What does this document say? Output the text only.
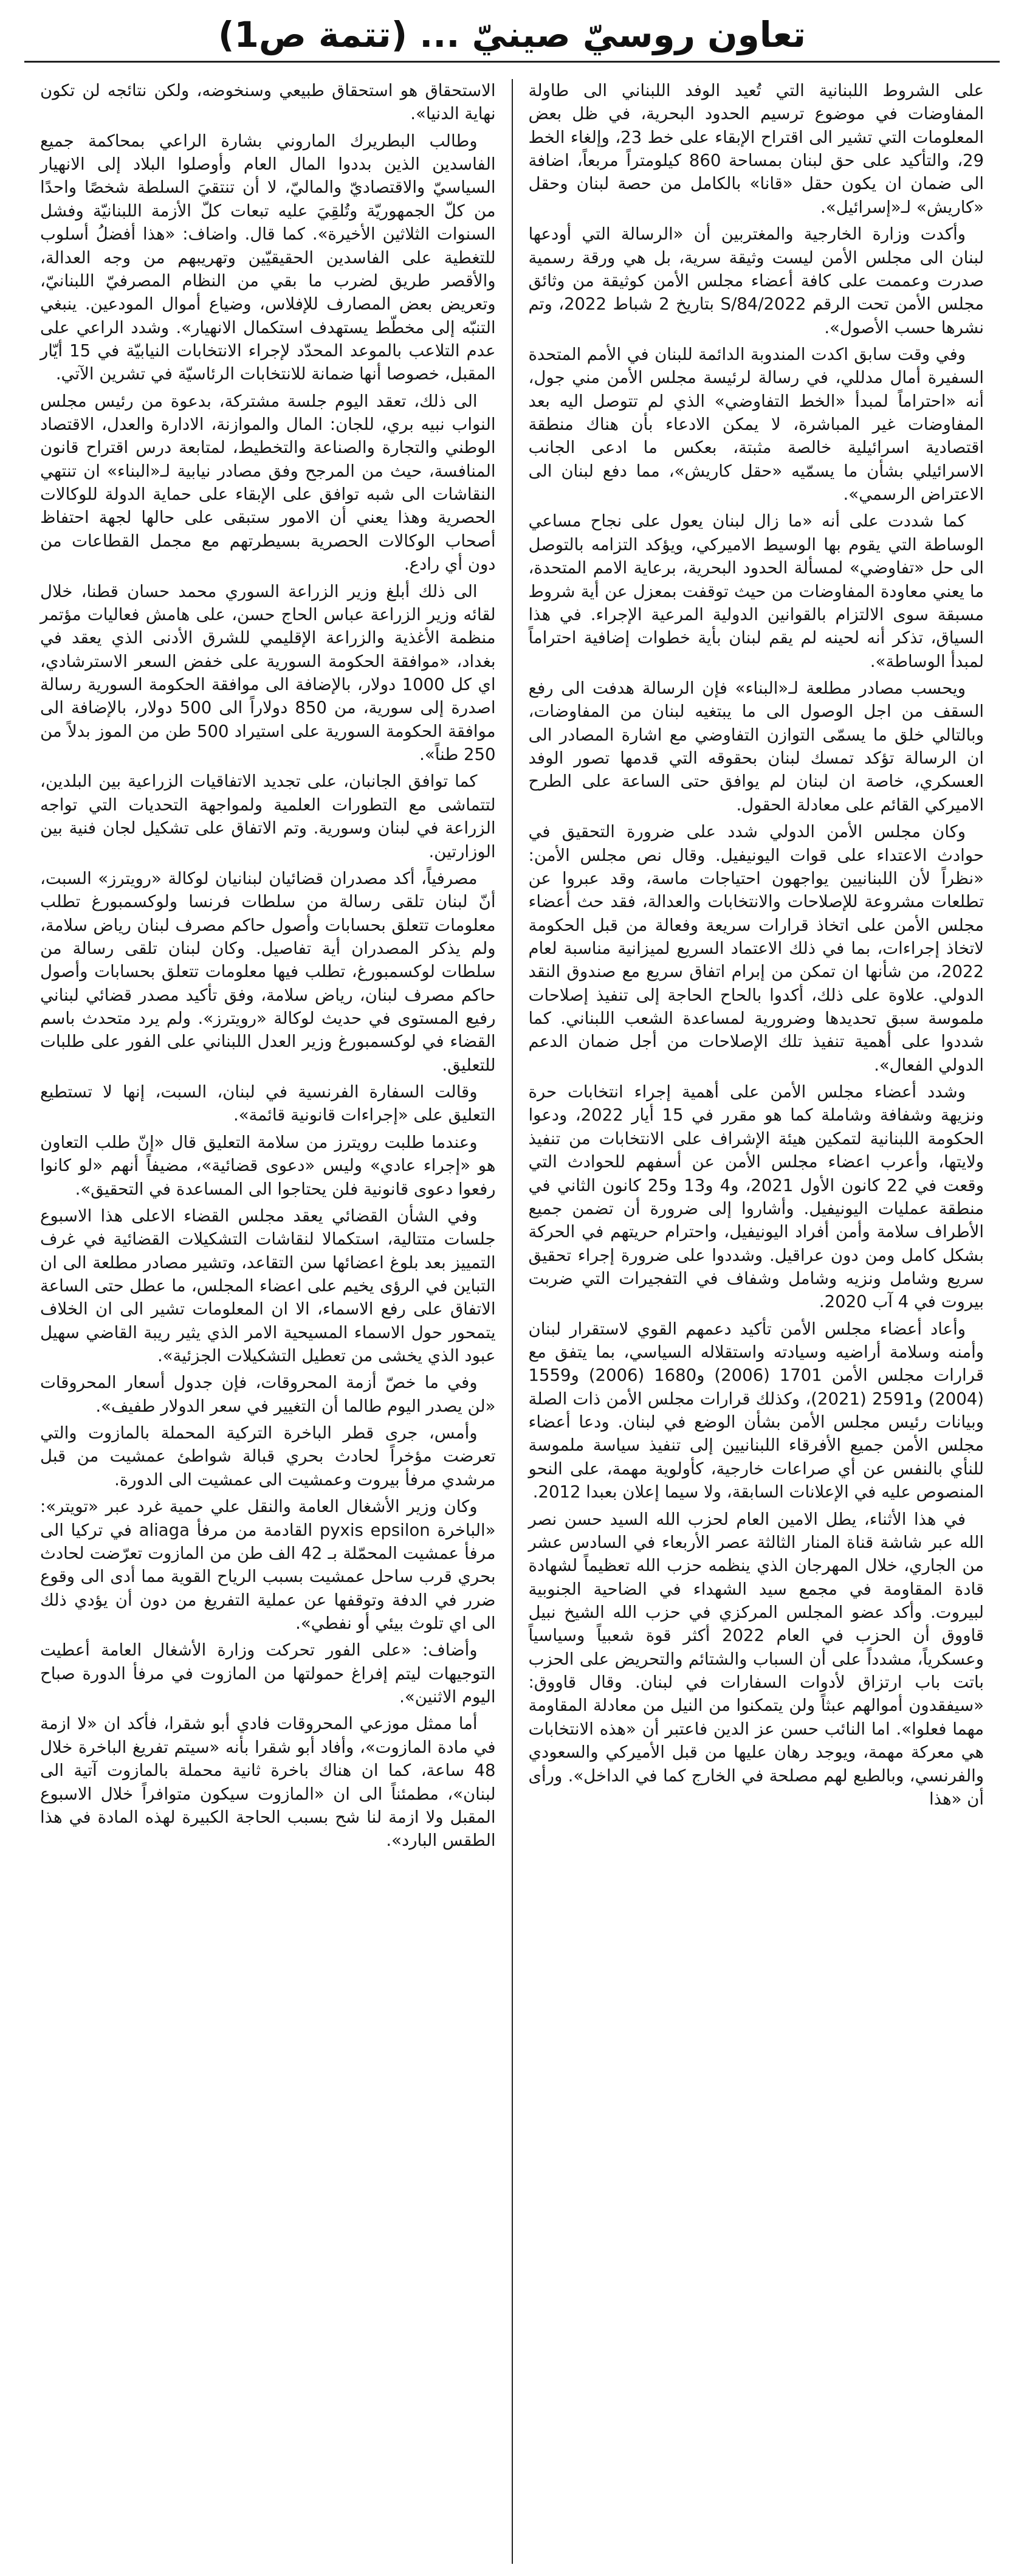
تعاون روسيّ صينيّ ... (تتمة ص1)

على الشروط اللبنانية التي تُعيد الوفد اللبناني الى طاولة المفاوضات في موضوع ترسيم الحدود البحرية، في ظل بعض المعلومات التي تشير الى اقتراح الإبقاء على خط 23، وإلغاء الخط 29، والتأكيد على حق لبنان بمساحة 860 كيلومتراً مربعاً، اضافة الى ضمان ان يكون حقل «قانا» بالكامل من حصة لبنان وحقل «كاريش» لـ«إسرائيل».

وأكدت وزارة الخارجية والمغتربين أن «الرسالة التي أودعها لبنان الى مجلس الأمن ليست وثيقة سرية، بل هي ورقة رسمية صدرت وعممت على كافة أعضاء مجلس الأمن كوثيقة من وثائق مجلس الأمن تحت الرقم 2022/S/84 بتاريخ 2 شباط 2022، وتم نشرها حسب الأصول».

وفي وقت سابق اكدت المندوبة الدائمة للبنان في الأمم المتحدة السفيرة أمال مدللي، في رسالة لرئيسة مجلس الأمن مني جول، أنه «احتراماً لمبدأ «الخط التفاوضي» الذي لم تتوصل اليه بعد المفاوضات غير المباشرة، لا يمكن الادعاء بأن هناك منطقة اقتصادية اسرائيلية خالصة مثبتة، بعكس ما ادعى الجانب الاسرائيلي بشأن ما يسمّيه «حقل كاريش»، مما دفع لبنان الى الاعتراض الرسمي».

كما شددت على أنه «ما زال لبنان يعول على نجاح مساعي الوساطة التي يقوم بها الوسيط الاميركي، ويؤكد التزامه بالتوصل الى حل «تفاوضي» لمسألة الحدود البحرية، برعاية الامم المتحدة، ما يعني معاودة المفاوضات من حيث توقفت بمعزل عن أية شروط مسبقة سوى الالتزام بالقوانين الدولية المرعية الإجراء. في هذا السياق، تذكر أنه لحينه لم يقم لبنان بأية خطوات إضافية احتراماً لمبدأ الوساطة».

ويحسب مصادر مطلعة لـ«البناء» فإن الرسالة هدفت الى رفع السقف من اجل الوصول الى ما يبتغيه لبنان من المفاوضات، وبالتالي خلق ما يسمّى التوازن التفاوضي مع اشارة المصادر الى ان الرسالة تؤكد تمسك لبنان بحقوقه التي قدمها تصور الوفد العسكري، خاصة ان لبنان لم يوافق حتى الساعة على الطرح الاميركي القائم على معادلة الحقول.

وكان مجلس الأمن الدولي شدد على ضرورة التحقيق في حوادث الاعتداء على قوات اليونيفيل. وقال نص مجلس الأمن: «نظراً لأن اللبنانيين يواجهون احتياجات ماسة، وقد عبروا عن تطلعات مشروعة للإصلاحات والانتخابات والعدالة، فقد حث أعضاء مجلس الأمن على اتخاذ قرارات سريعة وفعالة من قبل الحكومة لاتخاذ إجراءات، بما في ذلك الاعتماد السريع لميزانية مناسبة لعام 2022، من شأنها ان تمكن من إبرام اتفاق سريع مع صندوق النقد الدولي. علاوة على ذلك، أكدوا بالحاح الحاجة إلى تنفيذ إصلاحات ملموسة سبق تحديدها وضرورية لمساعدة الشعب اللبناني. كما شددوا على أهمية تنفيذ تلك الإصلاحات من أجل ضمان الدعم الدولي الفعال».

وشدد أعضاء مجلس الأمن على أهمية إجراء انتخابات حرة ونزيهة وشفافة وشاملة كما هو مقرر في 15 أيار 2022، ودعوا الحكومة اللبنانية لتمكين هيئة الإشراف على الانتخابات من تنفيذ ولايتها، وأعرب اعضاء مجلس الأمن عن أسفهم للحوادث التي وقعت في 22 كانون الأول 2021، و4 و13 و25 كانون الثاني في منطقة عمليات اليونيفيل. وأشاروا إلى ضرورة أن تضمن جميع الأطراف سلامة وأمن أفراد اليونيفيل، واحترام حريتهم في الحركة بشكل كامل ومن دون عراقيل. وشددوا على ضرورة إجراء تحقيق سريع وشامل ونزيه وشامل وشفاف في التفجيرات التي ضربت بيروت في 4 آب 2020.

وأعاد أعضاء مجلس الأمن تأكيد دعمهم القوي لاستقرار لبنان وأمنه وسلامة أراضيه وسيادته واستقلاله السياسي، بما يتفق مع قرارات مجلس الأمن 1701 (2006) و1680 (2006) و1559 (2004) و2591 (2021)، وكذلك قرارات مجلس الأمن ذات الصلة وبيانات رئيس مجلس الأمن بشأن الوضع في لبنان. ودعا أعضاء مجلس الأمن جميع الأفرقاء اللبنانيين إلى تنفيذ سياسة ملموسة للنأي بالنفس عن أي صراعات خارجية، كأولوية مهمة، على النحو المنصوص عليه في الإعلانات السابقة، ولا سيما إعلان بعبدا 2012.

في هذا الأثناء، يطل الامين العام لحزب الله السيد حسن نصر الله عبر شاشة قناة المنار الثالثة عصر الأربعاء في السادس عشر من الجاري، خلال المهرجان الذي ينظمه حزب الله تعظيماً لشهادة قادة المقاومة في مجمع سيد الشهداء في الضاحية الجنوبية لبيروت. وأكد عضو المجلس المركزي في حزب الله الشيخ نبيل قاووق أن الحزب في العام 2022 أكثر قوة شعبياً وسياسياً وعسكرياً، مشدداً على أن السباب والشتائم والتحريض على الحزب باتت باب ارتزاق لأدوات السفارات في لبنان. وقال قاووق: «سيفقدون أموالهم عبثاً ولن يتمكنوا من النيل من معادلة المقاومة مهما فعلوا». اما النائب حسن عز الدين فاعتبر أن «هذه الانتخابات هي معركة مهمة، ويوجد رهان عليها من قبل الأميركي والسعودي والفرنسي، وبالطبع لهم مصلحة في الخارج كما في الداخل». ورأى أن «هذا

الاستحقاق هو استحقاق طبيعي وسنخوضه، ولكن نتائجه لن تكون نهاية الدنيا».

وطالب البطريرك الماروني بشارة الراعي بمحاكمة جميع الفاسدين الذين بددوا المال العام وأوصلوا البلاد إلى الانهيار السياسيّ والاقتصاديّ والماليّ، لا أن تنتقيَ السلطة شخصًا واحدًا من كلّ الجمهوريّة وتُلقِيَ عليه تبعات كلّ الأزمة اللبنانيّة وفشل السنوات الثلاثين الأخيرة». كما قال. واضاف: «هذا أفضلُ أسلوب للتغطية على الفاسدين الحقيقيّين وتهريبهم من وجه العدالة، والأقصر طريق لضرب ما بقي من النظام المصرفيّ اللبنانيّ، وتعريض بعض المصارف للإفلاس، وضياع أموال المودعين. ينبغي التنبّه إلى مخطّط يستهدف استكمال الانهيار». وشدد الراعي على عدم التلاعب بالموعد المحدّد لإجراء الانتخابات النيابيّة في 15 أيّار المقبل، خصوصا أنها ضمانة للانتخابات الرئاسيّة في تشرين الآتي.

الى ذلك، تعقد اليوم جلسة مشتركة، بدعوة من رئيس مجلس النواب نبيه بري، للجان: المال والموازنة، الادارة والعدل، الاقتصاد الوطني والتجارة والصناعة والتخطيط، لمتابعة درس اقتراح قانون المنافسة، حيث من المرجح وفق مصادر نيابية لـ«البناء» ان تنتهي النقاشات الى شبه توافق على الإبقاء على حماية الدولة للوكالات الحصرية وهذا يعني أن الامور ستبقى على حالها لجهة احتفاظ أصحاب الوكالات الحصرية بسيطرتهم مع مجمل القطاعات من دون أي رادع.

الى ذلك أبلغ وزير الزراعة السوري محمد حسان قطنا، خلال لقائه وزير الزراعة عباس الحاج حسن، على هامش فعاليات مؤتمر منظمة الأغذية والزراعة الإقليمي للشرق الأدنى الذي يعقد في بغداد، «موافقة الحكومة السورية على خفض السعر الاسترشادي، اي كل 1000 دولار، بالإضافة الى موافقة الحكومة السورية رسالة اصدرة إلى سورية، من 850 دولاراً الى 500 دولار، بالإضافة الى موافقة الحكومة السورية على استيراد 500 طن من الموز بدلاً من 250 طناً».

كما توافق الجانبان، على تجديد الاتفاقيات الزراعية بين البلدين، لتتماشى مع التطورات العلمية ولمواجهة التحديات التي تواجه الزراعة في لبنان وسورية. وتم الاتفاق على تشكيل لجان فنية بين الوزارتين.

مصرفياً، أكد مصدران قضائيان لبنانيان لوكالة «رويترز» السبت، أنّ لبنان تلقى رسالة من سلطات فرنسا ولوكسمبورغ تطلب معلومات تتعلق بحسابات وأصول حاكم مصرف لبنان رياض سلامة، ولم يذكر المصدران أية تفاصيل. وكان لبنان تلقى رسالة من سلطات لوكسمبورغ، تطلب فيها معلومات تتعلق بحسابات وأصول حاكم مصرف لبنان، رياض سلامة، وفق تأكيد مصدر قضائي لبناني رفيع المستوى في حديث لوكالة «رويترز». ولم يرد متحدث باسم القضاء في لوكسمبورغ وزير العدل اللبناني على الفور على طلبات للتعليق.

وقالت السفارة الفرنسية في لبنان، السبت، إنها لا تستطيع التعليق على «إجراءات قانونية قائمة».

وعندما طلبت رويترز من سلامة التعليق قال «إنّ طلب التعاون هو «إجراء عادي» وليس «دعوى قضائية»، مضيفاً أنهم «لو كانوا رفعوا دعوى قانونية فلن يحتاجوا الى المساعدة في التحقيق».

وفي الشأن القضائي يعقد مجلس القضاء الاعلى هذا الاسبوع جلسات متتالية، استكمالا لنقاشات التشكيلات القضائية في غرف التمييز بعد بلوغ اعضائها سن التقاعد، وتشير مصادر مطلعة الى ان التباين في الرؤى يخيم على اعضاء المجلس، ما عطل حتى الساعة الاتفاق على رفع الاسماء، الا ان المعلومات تشير الى ان الخلاف يتمحور حول الاسماء المسيحية الامر الذي يثير ريبة القاضي سهيل عبود الذي يخشى من تعطيل التشكيلات الجزئية».

وفي ما خصّ أزمة المحروقات، فإن جدول أسعار المحروقات «لن يصدر اليوم طالما أن التغيير في سعر الدولار طفيف».

وأمس، جرى قطر الباخرة التركية المحملة بالمازوت والتي تعرضت مؤخراً لحادث بحري قبالة شواطئ عمشيت من قبل مرشدي مرفأ بيروت وعمشيت الى عمشيت الى الدورة.

وكان وزير الأشغال العامة والنقل علي حمية غرد عبر «تويتر»: «الباخرة pyxis epsilon القادمة من مرفأ aliaga في تركيا الى مرفأ عمشيت المحمّلة بـ 42 الف طن من المازوت تعرّضت لحادث بحري قرب ساحل عمشيت بسبب الرياح القوية مما أدى الى وقوع ضرر في الدفة وتوقفها عن عملية التفريغ من دون أن يؤدي ذلك الى اي تلوث بيئي أو نفطي».

وأضاف: «على الفور تحركت وزارة الأشغال العامة أعطيت التوجيهات ليتم إفراغ حمولتها من المازوت في مرفأ الدورة صباح اليوم الاثنين».

أما ممثل موزعي المحروقات فادي أبو شقرا، فأكد ان «لا ازمة في مادة المازوت»، وأفاد أبو شقرا بأنه «سيتم تفريغ الباخرة خلال 48 ساعة، كما ان هناك باخرة ثانية محملة بالمازوت آتية الى لبنان»، مطمئناً الى ان «المازوت سيكون متوافراً خلال الاسبوع المقبل ولا ازمة لنا شح بسبب الحاجة الكبيرة لهذه المادة في هذا الطقس البارد».
